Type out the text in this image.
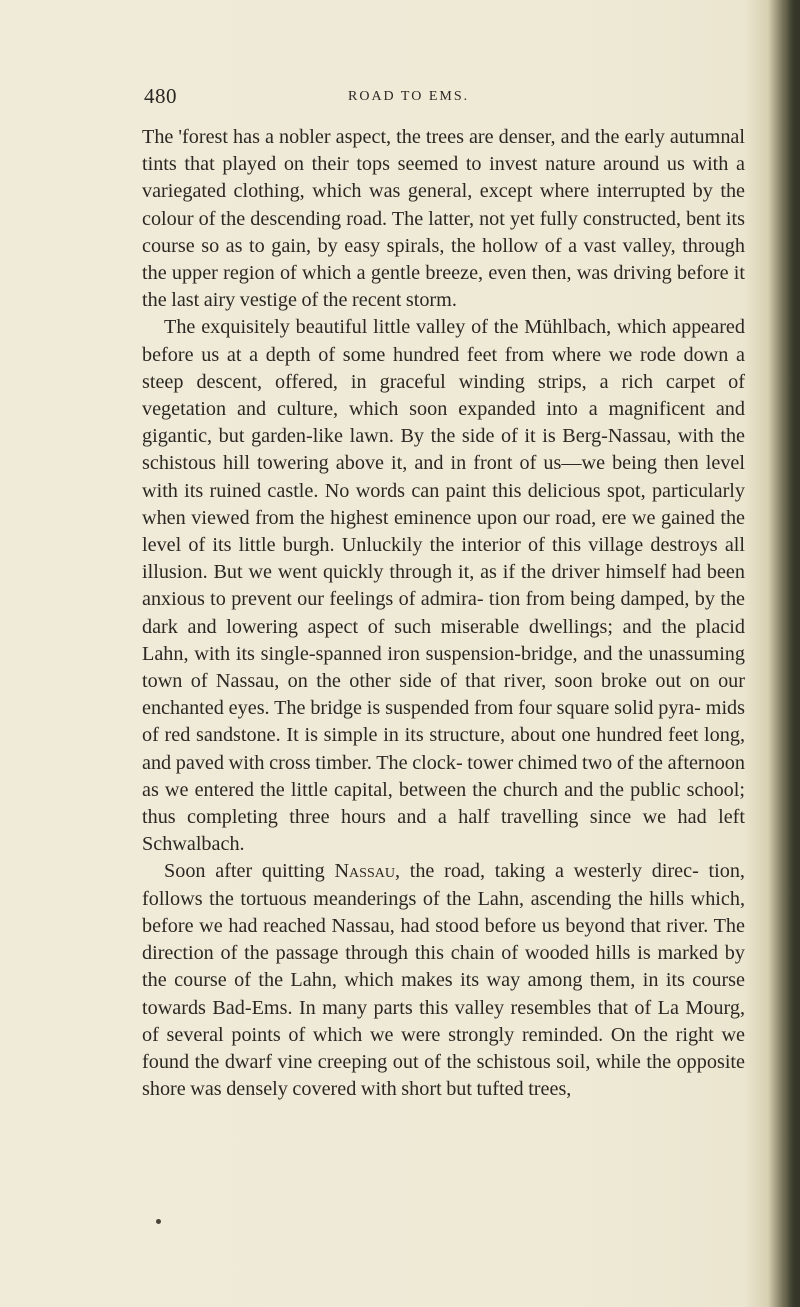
480	ROAD TO EMS.

The 'forest has a nobler aspect, the trees are denser, and the early autumnal tints that played on their tops seemed to invest nature around us with a variegated clothing, which was general, except where interrupted by the colour of the descending road. The latter, not yet fully constructed, bent its course so as to gain, by easy spirals, the hollow of a vast valley, through the upper region of which a gentle breeze, even then, was driving before it the last airy vestige of the recent storm.

The exquisitely beautiful little valley of the Mühlbach, which appeared before us at a depth of some hundred feet from where we rode down a steep descent, offered, in graceful winding strips, a rich carpet of vegetation and culture, which soon expanded into a magnificent and gigantic, but garden-like lawn. By the side of it is Berg-Nassau, with the schistous hill towering above it, and in front of us—we being then level with its ruined castle. No words can paint this delicious spot, particularly when viewed from the highest eminence upon our road, ere we gained the level of its little burgh. Unluckily the interior of this village destroys all illusion. But we went quickly through it, as if the driver himself had been anxious to prevent our feelings of admira- tion from being damped, by the dark and lowering aspect of such miserable dwellings; and the placid Lahn, with its single-spanned iron suspension-bridge, and the unassuming town of Nassau, on the other side of that river, soon broke out on our enchanted eyes. The bridge is suspended from four square solid pyra- mids of red sandstone. It is simple in its structure, about one hundred feet long, and paved with cross timber. The clock- tower chimed two of the afternoon as we entered the little capital, between the church and the public school; thus completing three hours and a half travelling since we had left Schwalbach.

Soon after quitting Nassau, the road, taking a westerly direc- tion, follows the tortuous meanderings of the Lahn, ascending the hills which, before we had reached Nassau, had stood before us beyond that river. The direction of the passage through this chain of wooded hills is marked by the course of the Lahn, which makes its way among them, in its course towards Bad-Ems. In many parts this valley resembles that of La Mourg, of several points of which we were strongly reminded. On the right we found the dwarf vine creeping out of the schistous soil, while the opposite shore was densely covered with short but tufted trees,
